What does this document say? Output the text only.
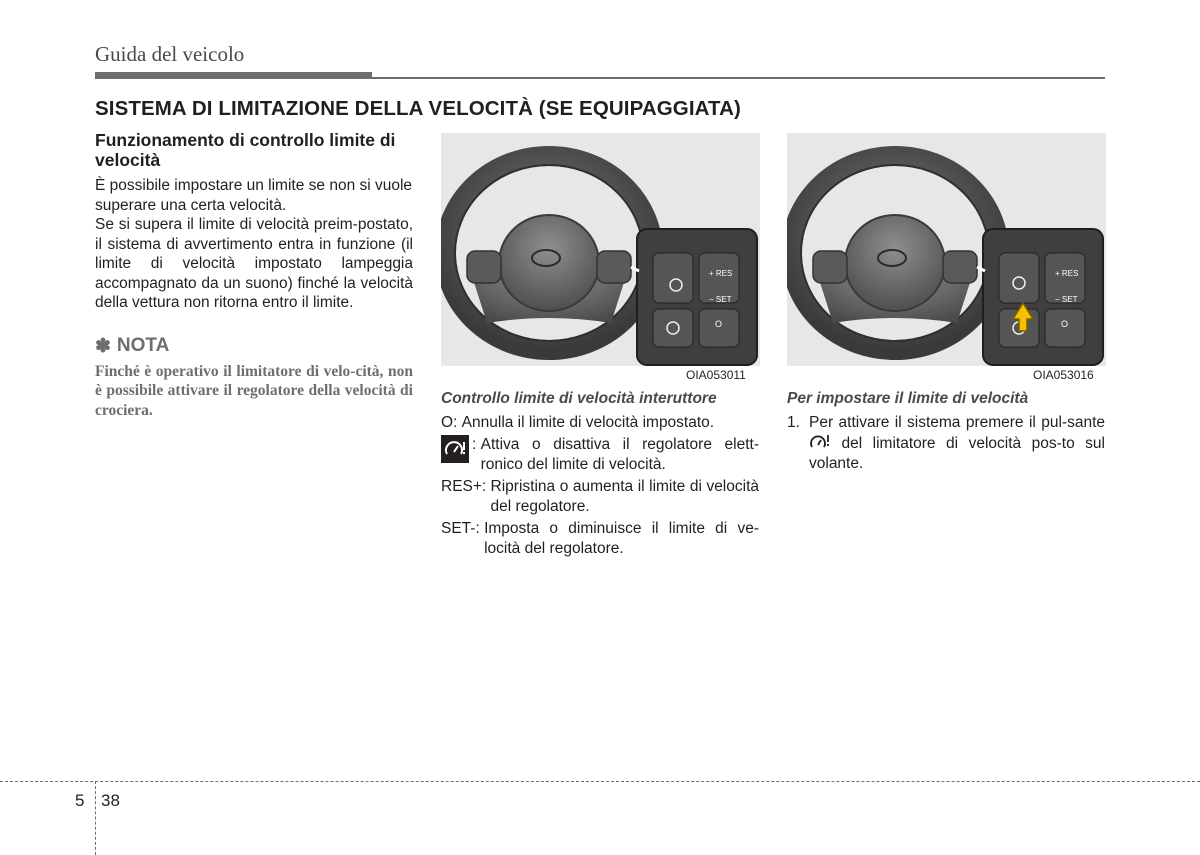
Guida del veicolo
SISTEMA DI LIMITAZIONE DELLA VELOCITÀ (SE EQUIPAGGIATA)

Funzionamento di controllo limite di velocità

È possibile impostare un limite se non si vuole superare una certa velocità.

Se si supera il limite di velocità preim-postato, il sistema di avvertimento entra in funzione (il limite di velocità impostato lampeggia accompagnato da un suono) finché la velocità della vettura non ritorna entro il limite.

✽ NOTA
Finché è operativo il limitatore di velo-cità, non è possibile attivare il regolatore della velocità di crociera.
+ RES
− SET
O
OIA053011
Controllo limite di velocità interuttore
+ RES
− SET
O
OIA053016
Per impostare il limite di velocità
O: Annulla il limite di velocità impostato.
: Attiva o disattiva il regolatore elett-ronico del limite di velocità.
RES+: Ripristina o aumenta il limite di velocità del regolatore.
SET-: Imposta o diminuisce il limite di ve-locità del regolatore.
1. Per attivare il sistema premere il pul-sante  del limitatore di velocità pos-to sul volante.
5 38
